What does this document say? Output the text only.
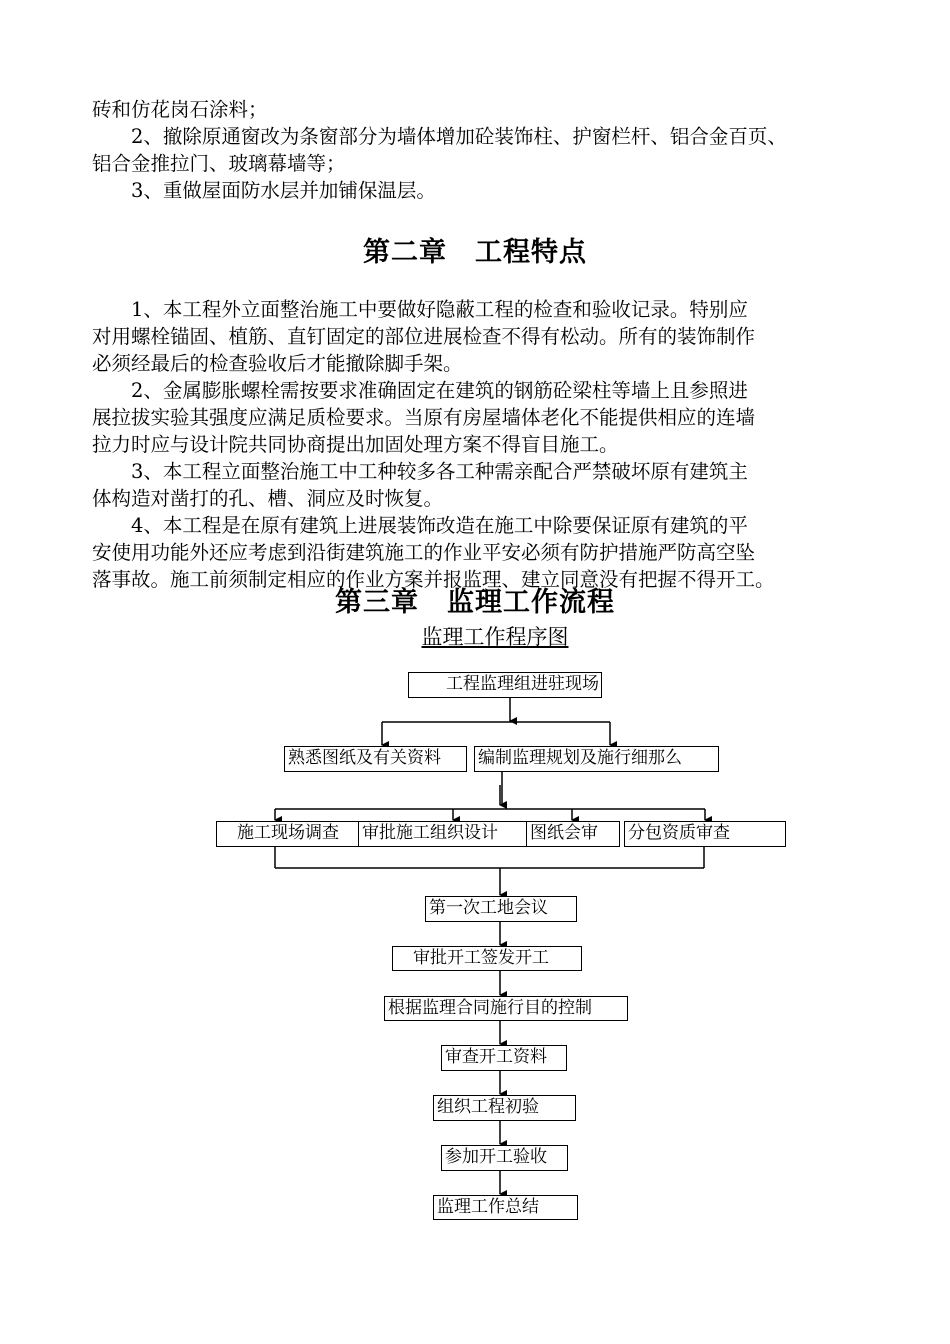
砖和仿花岗石涂料；
　　2、撤除原通窗改为条窗部分为墙体增加砼装饰柱、护窗栏杆、铝合金百页、
铝合金推拉门、玻璃幕墙等；
　　3、重做屋面防水层并加铺保温层。
第二章　工程特点
　　1、本工程外立面整治施工中要做好隐蔽工程的检查和验收记录。特别应
对用螺栓锚固、植筋、直钉固定的部位进展检查不得有松动。所有的装饰制作
必须经最后的检查验收后才能撤除脚手架。
　　2、金属膨胀螺栓需按要求准确固定在建筑的钢筋砼梁柱等墙上且参照进
展拉拔实验其强度应满足质检要求。当原有房屋墙体老化不能提供相应的连墙
拉力时应与设计院共同协商提出加固处理方案不得盲目施工。
　　3、本工程立面整治施工中工种较多各工种需亲配合严禁破坏原有建筑主
体构造对凿打的孔、槽、洞应及时恢复。
　　4、本工程是在原有建筑上进展装饰改造在施工中除要保证原有建筑的平
安使用功能外还应考虑到沿街建筑施工的作业平安必须有防护措施严防高空坠
落事故。施工前须制定相应的作业方案并报监理、建立同意没有把握不得开工。
第三章　监理工作流程
监理工作程序图
　　工程监理组进驻现场
熟悉图纸及有关资料	编制监理规划及施行细那么
　施工现场调查	审批施工组织设计	图纸会审	分包资质审查
第一次工地会议
　审批开工签发开工
根据监理合同施行目的控制
审查开工资料
组织工程初验
参加开工验收
监理工作总结
